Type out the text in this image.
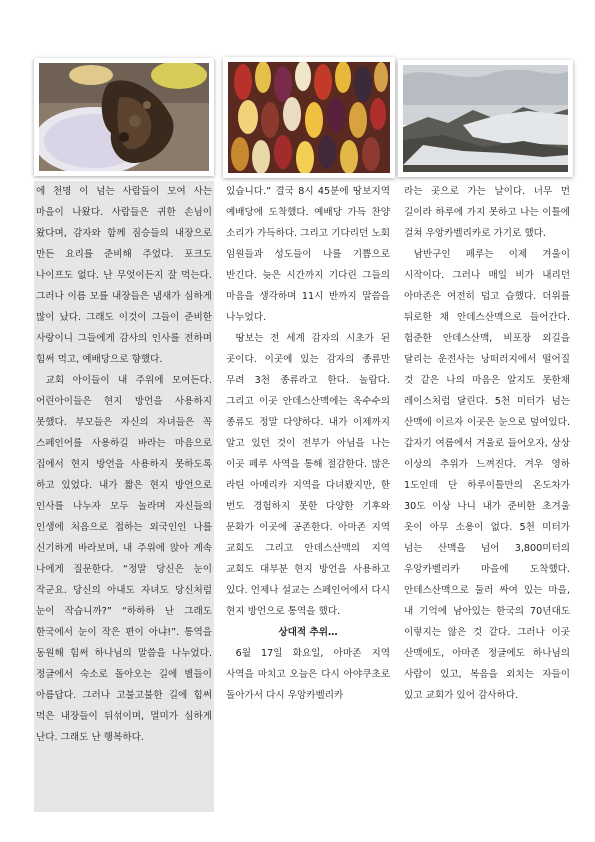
에 천명 이 넘는 사람들이 모여 사는 마을이 나왔다. 사람들은 귀한 손님이 왔다며, 감자와 함께 짐승들의 내장으로 만든 요리를 준비해 주었다. 포크도 나이프도 없다. 난 무엇이든지 잘 먹는다. 그러나 이름 모를 내장들은 냄새가 심하게 많이 났다. 그래도 이것이 그들이 준비한 사랑이니 그들에게 감사의 인사를 전하며 힘써 먹고, 예배당으로 향했다.

교회 아이들이 내 주위에 모여든다. 어린아이들은 현지 방언을 사용하지 못했다. 부모들은 자신의 자녀들은 꼭 스페인어를 사용하길 바라는 마음으로 집에서 현지 방언을 사용하지 못하도록 하고 있었다. 내가 짧은 현지 방언으로 인사를 나누자 모두 놀라며 자신들의 인생에 처음으로 접하는 외국인인 나를 신기하게 바라보며, 내 주위에 앉아 계속 나에게 질문한다. “정말 당신은 눈이 작군요. 당신의 아내도 자녀도 당신처럼 눈이 작습니까?” “하하하 난 그래도 한국에서 눈이 작은 편이 아냐!”. 통역을 동원해 힘써 하나님의 말씀을 나누었다. 정글에서 숙소로 돌아오는 길에 별들이 아름답다. 그러나 고불고불한 길에 힘써 먹은 내장들이 뒤섞이며, 멀미가 심하게 난다. 그래도 난 행복하다.

있습니다.” 결국 8시 45분에 땅보지역 예배당에 도착했다. 예배당 가득 찬양 소리가 가득하다. 그리고 기다리던 노회 임원들과 성도들이 나를 기쁨으로 반긴다. 늦은 시간까지 기다린 그들의 마음을 생각하며 11시 반까지 말씀을 나누었다.

땅보는 전 세계 감자의 시초가 된 곳이다. 이곳에 있는 감자의 종류만 무려 3천 종류라고 한다. 놀랍다. 그리고 이곳 안데스산맥에는 옥수수의 종류도 정말 다양하다. 내가 이제까지 알고 있던 것이 전부가 아님을 나는 이곳 페루 사역을 통해 절감한다. 많은 라틴 아메리카 지역을 다녀봤지만, 한 번도 경험하지 못한 다양한 기후와 문화가 이곳에 공존한다. 아마존 지역 교회도 그리고 안데스산맥의 지역 교회도 대부분 현지 방언을 사용하고 있다. 언제나 설교는 스페인어에서 다시 현지 방언으로 통역을 했다.

상대적 추위…

6월 17일 화요일, 아마존 지역 사역을 마치고 오늘은 다시 아야쿠초로 돌아가서 다시 우앙카벨리카

라는 곳으로 가는 날이다. 너무 먼 길이라 하루에 가지 못하고 나는 이틀에 걸쳐 우앙카벨리카로 가기로 했다.

남반구인 페루는 이제 겨울이 시작이다. 그러나 매일 비가 내리던 아마존은 여전히 덥고 습했다. 더위를 뒤로한 채 안데스산맥으로 들어간다. 험준한 안데스산맥, 비포장 외길을 달리는 운전사는 낭떠러지에서 떨어질 것 같은 나의 마음은 알지도 못한채 레이스처럼 달린다. 5천 미터가 넘는 산맥에 이르자 이곳은 눈으로 덮여있다. 갑자기 여름에서 겨울로 들어오자, 상상 이상의 추위가 느껴진다. 겨우 영하 1도인데 단 하루이틀만의 온도차가 30도 이상 나니 내가 준비한 초겨울 옷이 아무 소용이 없다. 5천 미터가 넘는 산맥을 넘어 3,800미터의 우앙카벨리카 마을에 도착했다. 안데스산맥으로 둘러 싸여 있는 마을, 내 기억에 남아있는 한국의 70년대도 이렇지는 않은 것 같다. 그러나 이곳 산맥에도, 아마존 정글에도 하나님의 사람이 있고, 복음을 외치는 자들이 있고 교회가 있어 감사하다.
